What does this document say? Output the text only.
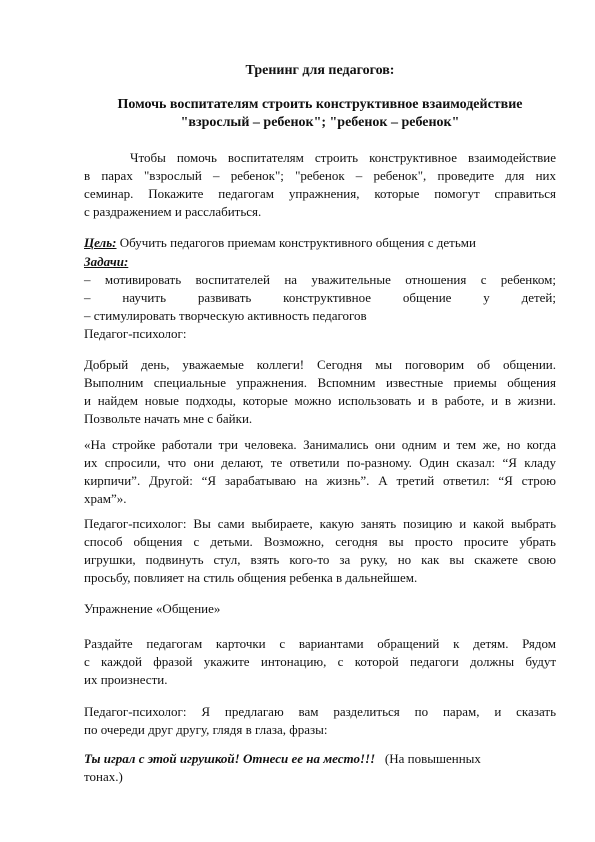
Тренинг для педагогов:
Помочь воспитателям строить конструктивное взаимодействие
"взрослый – ребенок"; "ребенок – ребенок"
Чтобы помочь воспитателям строить конструктивное взаимодействие
в парах "взрослый – ребенок"; "ребенок – ребенок", проведите для них
семинар. Покажите педагогам упражнения, которые помогут справиться
с раздражением и расслабиться.
Цель: Обучить педагогов приемам конструктивного общения с детьми
Задачи:
– мотивировать воспитателей на уважительные отношения с ребенком;
– научить развивать конструктивное общение у детей;
– стимулировать творческую активность педагогов
Педагог-психолог:
Добрый день, уважаемые коллеги! Сегодня мы поговорим об общении.
Выполним специальные упражнения. Вспомним известные приемы общения
и найдем новые подходы, которые можно использовать и в работе, и в жизни.
Позвольте начать мне с байки.
«На стройке работали три человека. Занимались они одним и тем же, но когда
их спросили, что они делают, те ответили по-разному. Один сказал: “Я кладу
кирпичи”. Другой: “Я зарабатываю на жизнь”. А третий ответил: “Я строю
храм”».
Педагог-психолог: Вы сами выбираете, какую занять позицию и какой выбрать
способ общения с детьми. Возможно, сегодня вы просто просите убрать
игрушки, подвинуть стул, взять кого-то за руку, но как вы скажете свою
просьбу, повлияет на стиль общения ребенка в дальнейшем.
Упражнение «Общение»
Раздайте педагогам карточки с вариантами обращений к детям. Рядом
с каждой фразой укажите интонацию, с которой педагоги должны будут
их произнести.
Педагог-психолог: Я предлагаю вам разделиться по парам, и сказать
по очереди друг другу, глядя в глаза, фразы:
Ты играл с этой игрушкой! Отнеси ее на место!!! (На повышенных
тонах.)
